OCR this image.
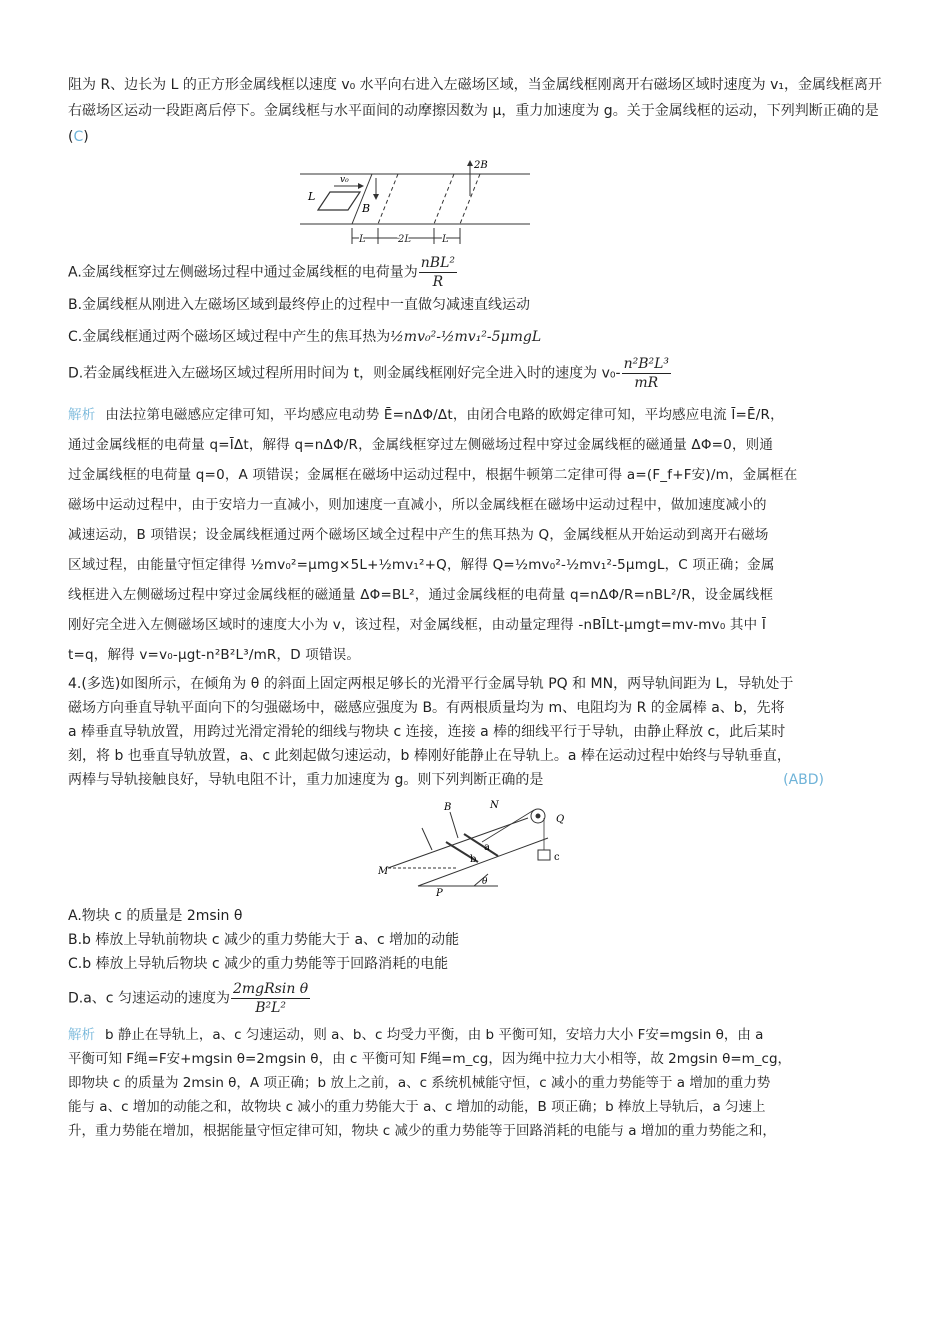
阻为 R、边长为 L 的正方形金属线框以速度 v₀ 水平向右进入左磁场区域，当金属线框刚离开右磁场区域时速度为 v₁，金属线框离开右磁场区运动一段距离后停下。金属线框与水平面间的动摩擦因数为 μ，重力加速度为 g。关于金属线框的运动，下列判断正确的是(C)

L
v₀
B
2B
L	2L	L
A.金属线框穿过左侧磁场过程中通过金属线框的电荷量为 $\frac{\text{nBL²}}{R}$
B.金属线框从刚进入左磁场区域到最终停止的过程中一直做匀减速直线运动
C.金属线框通过两个磁场区域过程中产生的焦耳热为½mv₀²-½mv₁²-5μmgL
D.若金属线框进入左磁场区域过程所用时间为 t，则金属线框刚好完全进入时的速度为 $v_0- \frac{\text{n²B²L³}}{mR}$
解析 由法拉第电磁感应定律可知，平均感应电动势 Ē=nΔΦ/Δt，由闭合电路的欧姆定律可知，平均感应电流 Ī=Ē/R，
通过金属线框的电荷量 q=ĪΔt，解得 q=nΔΦ/R，金属线框穿过左侧磁场过程中穿过金属线框的磁通量 ΔΦ=0，则通
过金属线框的电荷量 q=0，A 项错误；金属框在磁场中运动过程中，根据牛顿第二定律可得 a=(F_f+F安)/m，金属框在
磁场中运动过程中，由于安培力一直减小，则加速度一直减小，所以金属线框在磁场中运动过程中，做加速度减小的
减速运动，B 项错误；设金属线框通过两个磁场区域全过程中产生的焦耳热为 Q，金属线框从开始运动到离开右磁场
区域过程，由能量守恒定律得 ½mv₀²=μmg×5L+½mv₁²+Q，解得 Q=½mv₀²-½mv₁²-5μmgL，C 项正确；金属
线框进入左侧磁场过程中穿过金属线框的磁通量 ΔΦ=BL²，通过金属线框的电荷量 q=nΔΦ/R=nBL²/R，设金属线框
刚好完全进入左侧磁场区域时的速度大小为 v，该过程，对金属线框，由动量定理得 -nBĪLt-μmgt=mv-mv₀ 其中 Ī
t=q，解得 v=v₀-μgt-n²B²L³/mR，D 项错误。
4.(多选)如图所示，在倾角为 θ 的斜面上固定两根足够长的光滑平行金属导轨 PQ 和 MN，两导轨间距为 L，导轨处于
磁场方向垂直导轨平面向下的匀强磁场中，磁感应强度为 B。有两根质量均为 m、电阻均为 R 的金属棒 a、b，先将
a 棒垂直导轨放置，用跨过光滑定滑轮的细线与物块 c 连接，连接 a 棒的细线平行于导轨，由静止释放 c，此后某时
刻，将 b 也垂直导轨放置，a、c 此刻起做匀速运动，b 棒刚好能静止在导轨上。a 棒在运动过程中始终与导轨垂直，
两棒与导轨接触良好，导轨电阻不计，重力加速度为 g。则下列判断正确的是	(ABD)
θ
a
b
B	N
c
Q
M
P
A.物块 c 的质量是 2msin θ
B.b 棒放上导轨前物块 c 减少的重力势能大于 a、c 增加的动能
C.b 棒放上导轨后物块 c 减少的重力势能等于回路消耗的电能
D.a、c 匀速运动的速度为 $\frac{\text{2mgRsin θ}}{\text{B²L²}}$
解析 b 静止在导轨上，a、c 匀速运动，则 a、b、c 均受力平衡，由 b 平衡可知，安培力大小 F安=mgsin θ，由 a
平衡可知 F绳=F安+mgsin θ=2mgsin θ，由 c 平衡可知 F绳=m_cg，因为绳中拉力大小相等，故 2mgsin θ=m_cg，
即物块 c 的质量为 2msin θ，A 项正确；b 放上之前，a、c 系统机械能守恒，c 减小的重力势能等于 a 增加的重力势
能与 a、c 增加的动能之和，故物块 c 减小的重力势能大于 a、c 增加的动能，B 项正确；b 棒放上导轨后，a 匀速上
升，重力势能在增加，根据能量守恒定律可知，物块 c 减少的重力势能等于回路消耗的电能与 a 增加的重力势能之和，
